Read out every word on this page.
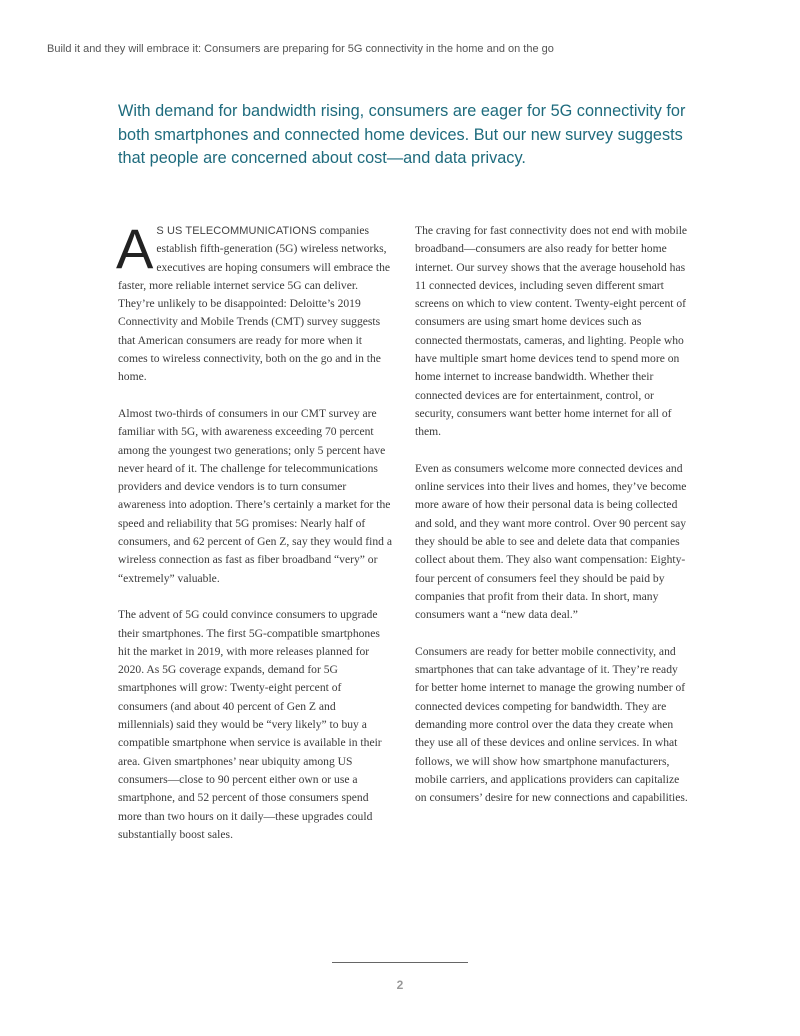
Build it and they will embrace it: Consumers are preparing for 5G connectivity in the home and on the go
With demand for bandwidth rising, consumers are eager for 5G connectivity for both smartphones and connected home devices. But our new survey suggests that people are concerned about cost—and data privacy.

A S US TELECOMMUNICATIONS companies establish fifth-generation (5G) wireless networks, executives are hoping consumers will embrace the faster, more reliable internet service 5G can deliver. They’re unlikely to be disappointed: Deloitte’s 2019 Connectivity and Mobile Trends (CMT) survey suggests that American consumers are ready for more when it comes to wireless connectivity, both on the go and in the home.

Almost two-thirds of consumers in our CMT survey are familiar with 5G, with awareness exceeding 70 percent among the youngest two generations; only 5 percent have never heard of it. The challenge for telecommunications providers and device vendors is to turn consumer awareness into adoption. There’s certainly a market for the speed and reliability that 5G promises: Nearly half of consumers, and 62 percent of Gen Z, say they would find a wireless connection as fast as fiber broadband “very” or “extremely” valuable.

The advent of 5G could convince consumers to upgrade their smartphones. The first 5G-compatible smartphones hit the market in 2019, with more releases planned for 2020. As 5G coverage expands, demand for 5G smartphones will grow: Twenty-eight percent of consumers (and about 40 percent of Gen Z and millennials) said they would be “very likely” to buy a compatible smartphone when service is available in their area. Given smartphones’ near ubiquity among US consumers—close to 90 percent either own or use a smartphone, and 52 percent of those consumers spend more than two hours on it daily—these upgrades could substantially boost sales.

The craving for fast connectivity does not end with mobile broadband—consumers are also ready for better home internet. Our survey shows that the average household has 11 connected devices, including seven different smart screens on which to view content. Twenty-eight percent of consumers are using smart home devices such as connected thermostats, cameras, and lighting. People who have multiple smart home devices tend to spend more on home internet to increase bandwidth. Whether their connected devices are for entertainment, control, or security, consumers want better home internet for all of them.

Even as consumers welcome more connected devices and online services into their lives and homes, they’ve become more aware of how their personal data is being collected and sold, and they want more control. Over 90 percent say they should be able to see and delete data that companies collect about them. They also want compensation: Eighty-four percent of consumers feel they should be paid by companies that profit from their data. In short, many consumers want a “new data deal.”

Consumers are ready for better mobile connectivity, and smartphones that can take advantage of it. They’re ready for better home internet to manage the growing number of connected devices competing for bandwidth. They are demanding more control over the data they create when they use all of these devices and online services. In what follows, we will show how smartphone manufacturers, mobile carriers, and applications providers can capitalize on consumers’ desire for new connections and capabilities.

2
